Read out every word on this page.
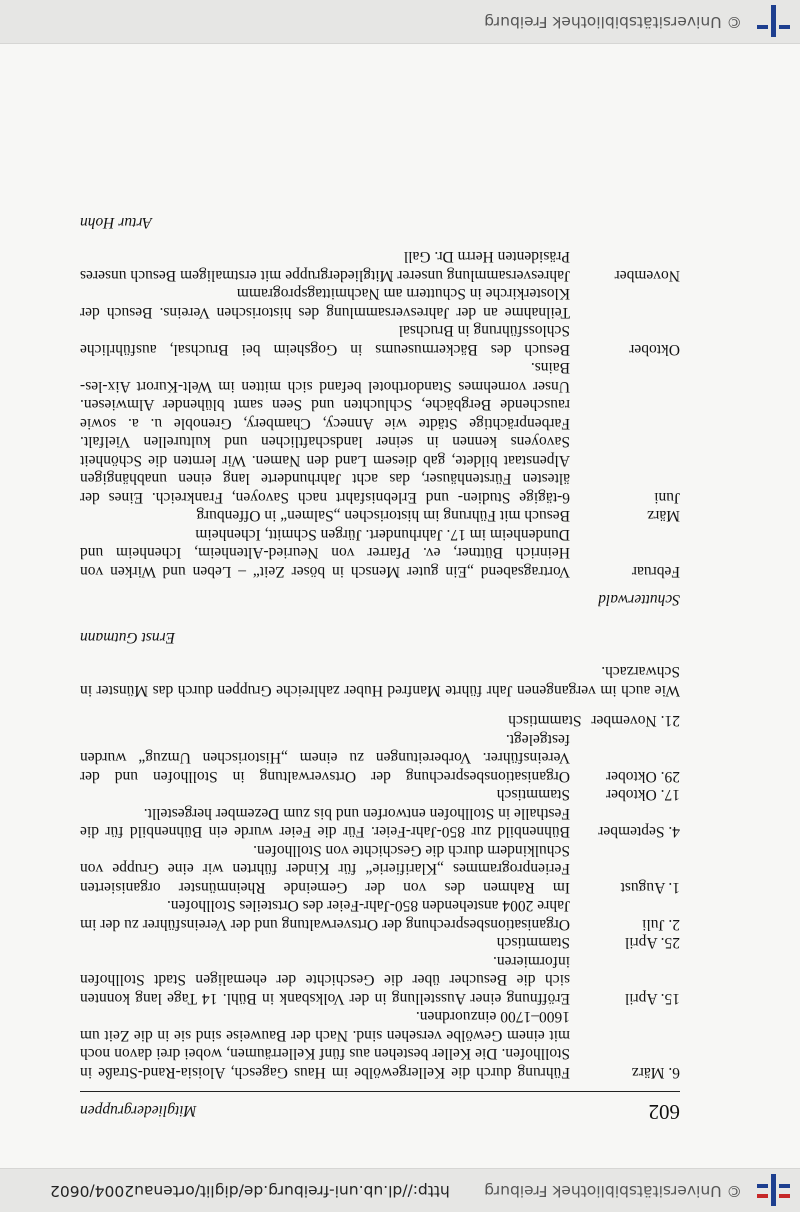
© Universitätsbibliothek Freiburg
http://dl.ub.uni-freiburg.de/diglit/ortenau2004/0602
602
Mitgliedergruppen
6. März
Führung durch die Kellergewölbe im Haus Gagesch, Aloisia-Rand-Straße in Stollhofen. Die Keller bestehen aus fünf Kellerräumen, wobei drei davon noch mit einem Gewölbe versehen sind. Nach der Bauweise sind sie in die Zeit um 1600–1700 einzuordnen.
15. April
Eröffnung einer Ausstellung in der Volksbank in Bühl. 14 Tage lang konnten sich die Besucher über die Geschichte der ehemaligen Stadt Stollhofen informieren.
25. April
Stammtisch
2. Juli
Organisationsbesprechung der Ortsverwaltung und der Vereinsführer zu der im Jahre 2004 anstehenden 850-Jahr-Feier des Ortsteiles Stollhofen.
1. August
Im Rahmen des von der Gemeinde Rheinmünster organisierten Ferienprogrammes „Klarifierie“ für Kinder führten wir eine Gruppe von Schulkindern durch die Geschichte von Stollhofen.
4. September
Bühnenbild zur 850-Jahr-Feier. Für die Feier wurde ein Bühnenbild für die Festhalle in Stollhofen entworfen und bis zum Dezember hergestellt.
17. Oktober
Stammtisch
29. Oktober
Organisationsbesprechung der Ortsverwaltung in Stollhofen und der Vereinsführer. Vorbereitungen zu einem „Historischen Umzug“ wurden festgelegt.
21. November Stammtisch
Wie auch im vergangenen Jahr führte Manfred Huber zahlreiche Gruppen durch das Münster in Schwarzach.
Ernst Gutmann
Schutterwald
Februar
Vortragsabend „Ein guter Mensch in böser Zeit“ – Leben und Wirken von Heinrich Büttner, ev. Pfarrer von Neuried-Altenheim, Ichenheim und Dundenheim im 17. Jahrhundert. Jürgen Schmitt, Ichenheim
März
Besuch mit Führung im historischen „Salmen“ in Offenburg
Juni
6-tägige Studien- und Erlebnisfahrt nach Savoyen, Frankreich. Eines der ältesten Fürstenhäuser, das acht Jahrhunderte lang einen unabhängigen Alpenstaat bildete, gab diesem Land den Namen. Wir lernten die Schönheit Savoyens kennen in seiner landschaftlichen und kulturellen Vielfalt. Farbenprächtige Städte wie Annecy, Chambery, Grenoble u. a. sowie rauschende Bergbäche, Schluchten und Seen samt blühender Almwiesen. Unser vornehmes Standorthotel befand sich mitten im Welt-Kurort Aix-les-Bains.
Oktober
Besuch des Bäckermuseums in Gogsheim bei Bruchsal, ausführliche Schlossführung in Bruchsal
Teilnahme an der Jahresversammlung des historischen Vereins. Besuch der Klosterkirche in Schuttern am Nachmittagsprogramm
November
Jahresversammlung unserer Mitgliedergruppe mit erstmaligem Besuch unseres Präsidenten Herrn Dr. Gall
Artur Hohn
© Universitätsbibliothek Freiburg
